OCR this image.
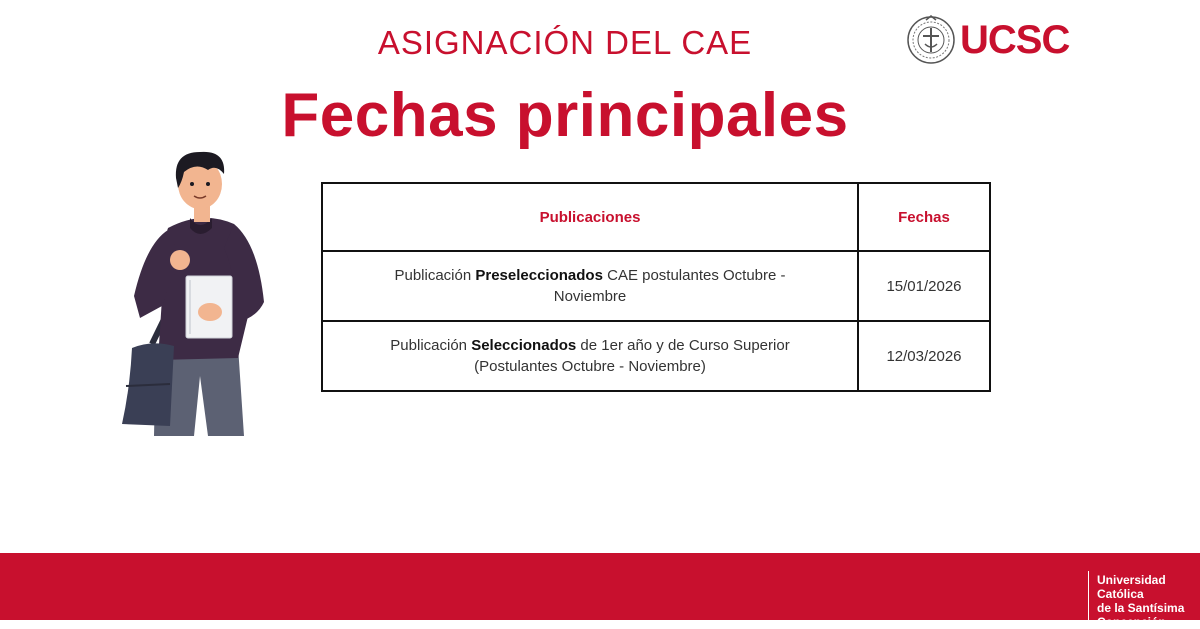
ASIGNACIÓN DEL CAE
Fechas principales
UCSC
Publicaciones	Fechas
Publicación Preseleccionados CAE postulantes Octubre - Noviembre	15/01/2026
Publicación Seleccionados de 1er año y de Curso Superior (Postulantes Octubre - Noviembre)	12/03/2026
Universidad
Católica
de la Santísima
Concepción
